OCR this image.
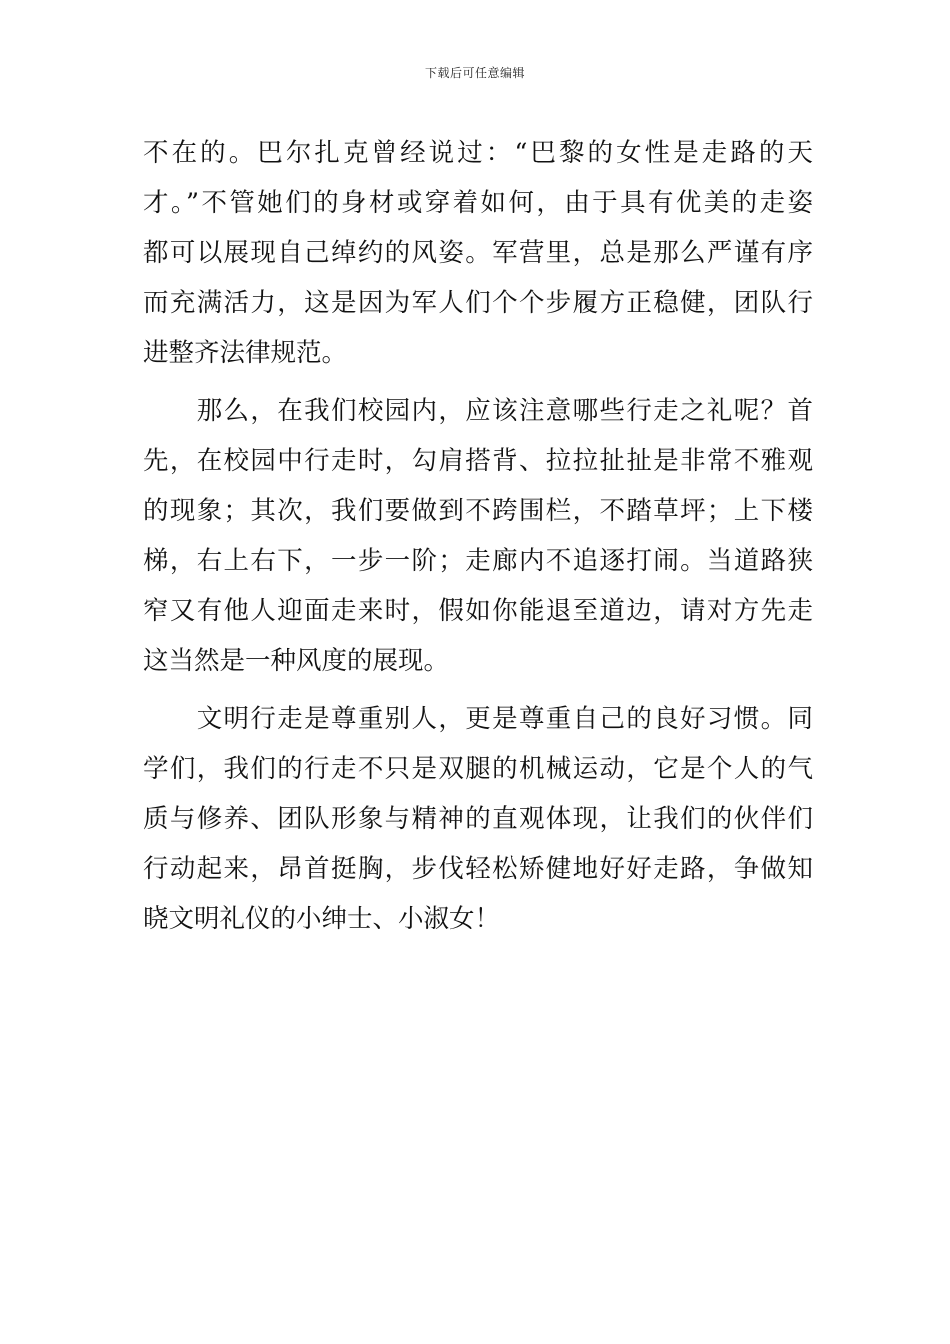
下载后可任意编辑
不在的。巴尔扎克曾经说过：“巴黎的女性是走路的天
才。”不管她们的身材或穿着如何，由于具有优美的走姿
都可以展现自己绰约的风姿。军营里，总是那么严谨有序
而充满活力，这是因为军人们个个步履方正稳健，团队行
进整齐法律规范。
　　那么，在我们校园内，应该注意哪些行走之礼呢？首
先，在校园中行走时，勾肩搭背、拉拉扯扯是非常不雅观
的现象；其次，我们要做到不跨围栏，不踏草坪；上下楼
梯，右上右下，一步一阶；走廊内不追逐打闹。当道路狭
窄又有他人迎面走来时，假如你能退至道边，请对方先走
这当然是一种风度的展现。
　　文明行走是尊重别人，更是尊重自己的良好习惯。同
学们，我们的行走不只是双腿的机械运动，它是个人的气
质与修养、团队形象与精神的直观体现，让我们的伙伴们
行动起来，昂首挺胸，步伐轻松矫健地好好走路，争做知
晓文明礼仪的小绅士、小淑女！
